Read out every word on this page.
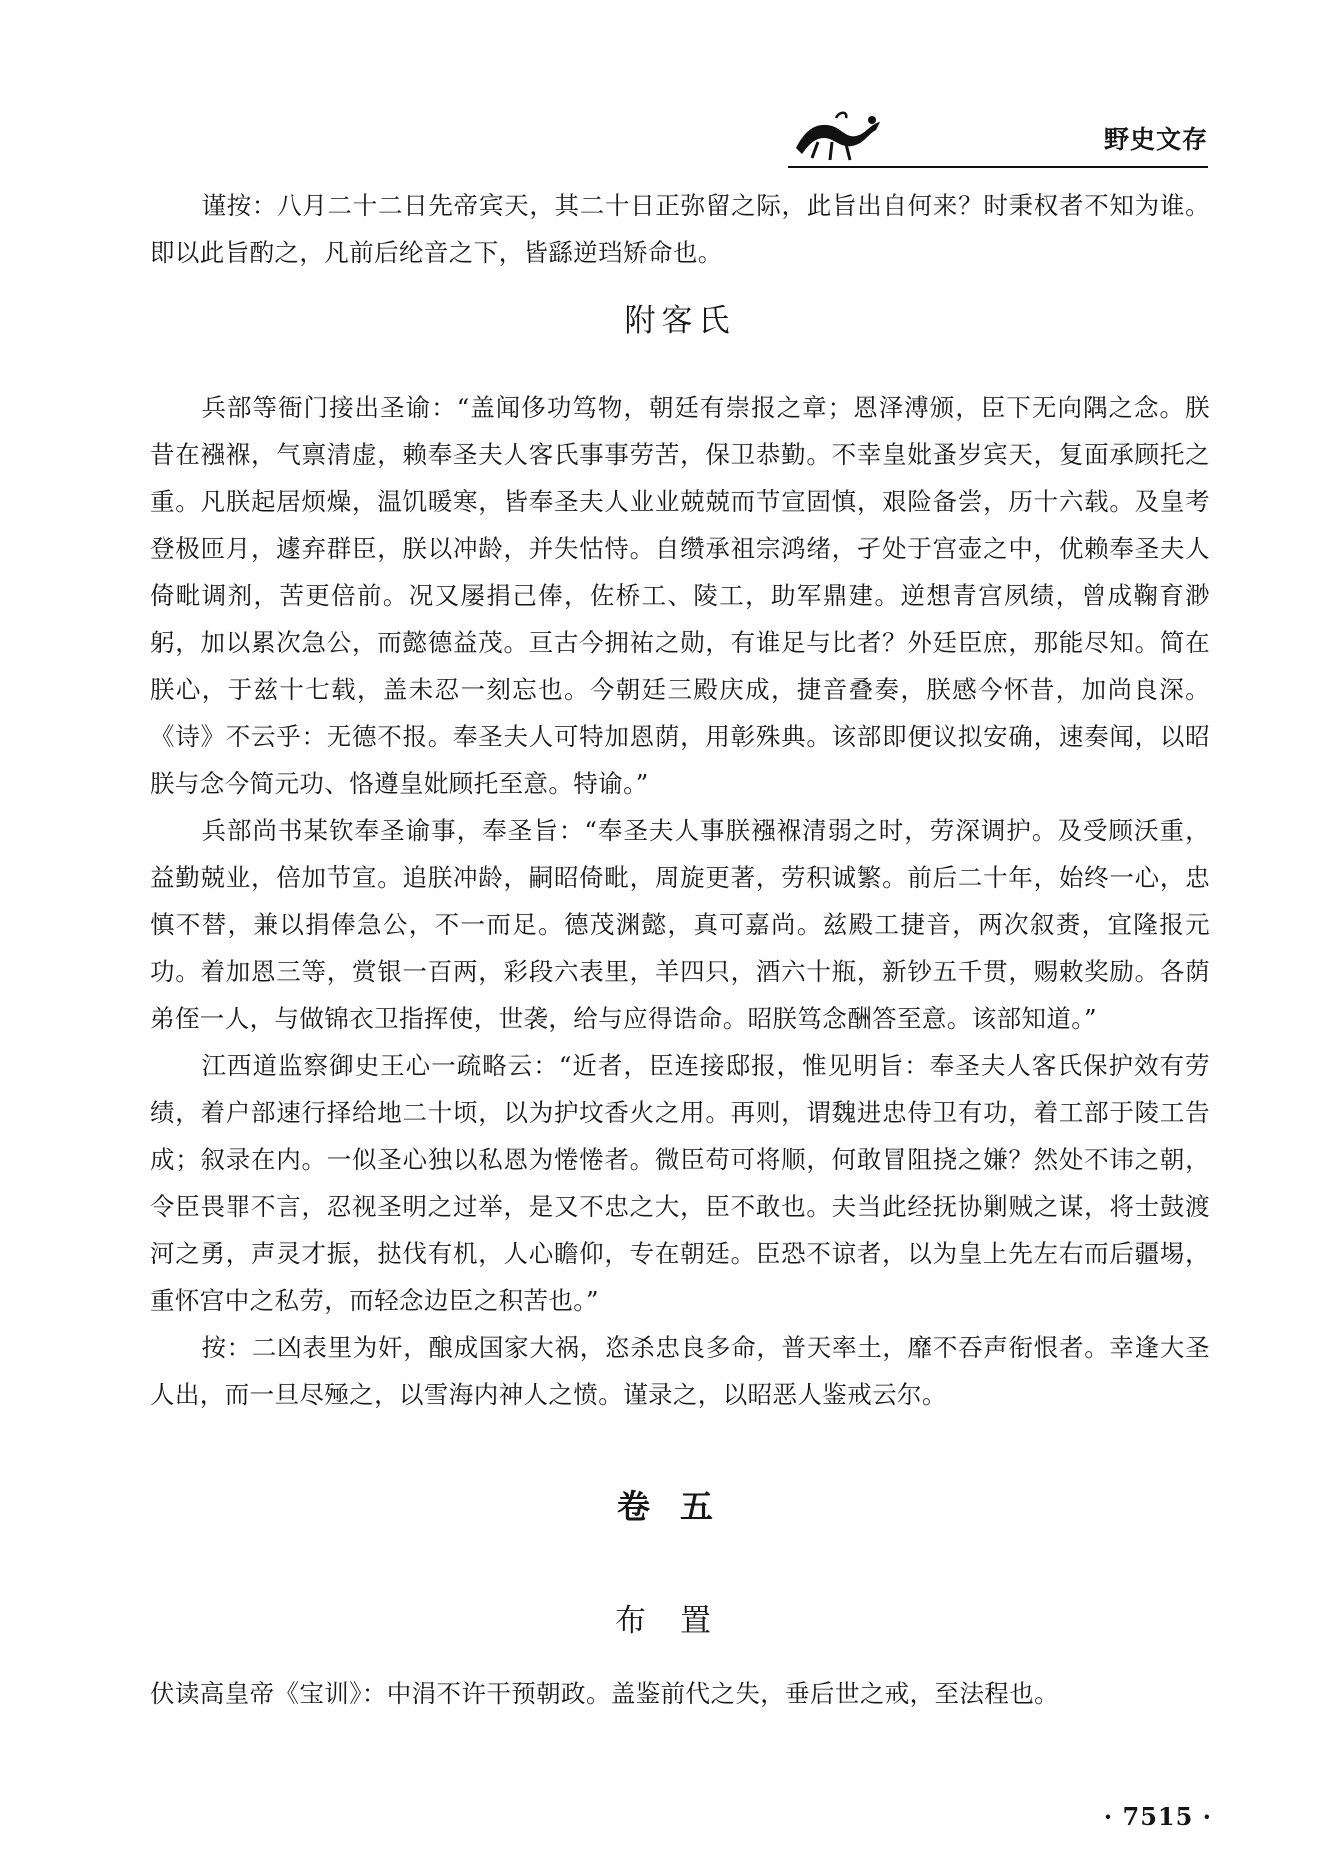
野史文存

谨按：八月二十二日先帝宾天，其二十日正弥留之际，此旨出自何来？时秉权者不知为谁。即以此旨酌之，凡前后纶音之下，皆繇逆珰矫命也。

附客氏

兵部等衙门接出圣谕：“盖闻侈功笃物，朝廷有崇报之章；恩泽溥颁，臣下无向隅之念。朕昔在襁褓，气禀清虚，赖奉圣夫人客氏事事劳苦，保卫恭勤。不幸皇妣蚤岁宾天，复面承顾托之重。凡朕起居烦燥，温饥暖寒，皆奉圣夫人业业兢兢而节宣固慎，艰险备尝，历十六载。及皇考登极匝月，遽弃群臣，朕以冲龄，并失怙恃。自缵承祖宗鸿绪，孑处于宫壶之中，优赖奉圣夫人倚毗调剂，苦更倍前。况又屡捐己俸，佐桥工、陵工，助军鼎建。逆想青宫夙绩，曾成鞠育渺躬，加以累次急公，而懿德益茂。亘古今拥祐之勋，有谁足与比者？外廷臣庶，那能尽知。简在朕心，于兹十七载，盖未忍一刻忘也。今朝廷三殿庆成，捷音叠奏，朕感今怀昔，加尚良深。《诗》不云乎：无德不报。奉圣夫人可特加恩荫，用彰殊典。该部即便议拟安确，速奏闻，以昭朕与念今简元功、恪遵皇妣顾托至意。特谕。”

兵部尚书某钦奉圣谕事，奉圣旨：“奉圣夫人事朕襁褓清弱之时，劳深调护。及受顾沃重，益勤兢业，倍加节宣。追朕冲龄，嗣昭倚毗，周旋更著，劳积诚繁。前后二十年，始终一心，忠慎不替，兼以捐俸急公，不一而足。德茂渊懿，真可嘉尚。兹殿工捷音，两次叙赉，宜隆报元功。着加恩三等，赏银一百两，彩段六表里，羊四只，酒六十瓶，新钞五千贯，赐敕奖励。各荫弟侄一人，与做锦衣卫指挥使，世袭，给与应得诰命。昭朕笃念酬答至意。该部知道。”

江西道监察御史王心一疏略云：“近者，臣连接邸报，惟见明旨：奉圣夫人客氏保护效有劳绩，着户部速行择给地二十顷，以为护坟香火之用。再则，谓魏进忠侍卫有功，着工部于陵工告成；叙录在内。一似圣心独以私恩为惓惓者。微臣苟可将顺，何敢冒阻挠之嫌？然处不讳之朝，令臣畏罪不言，忍视圣明之过举，是又不忠之大，臣不敢也。夫当此经抚协剿贼之谋，将士鼓渡河之勇，声灵才振，挞伐有机，人心瞻仰，专在朝廷。臣恐不谅者，以为皇上先左右而后疆埸，重怀宫中之私劳，而轻念边臣之积苦也。”

按：二凶表里为奸，酿成国家大祸，恣杀忠良多命，普天率土，靡不吞声衔恨者。幸逢大圣人出，而一旦尽殛之，以雪海内神人之愤。谨录之，以昭恶人鉴戒云尔。

卷五
布置

伏读高皇帝《宝训》：中涓不许干预朝政。盖鉴前代之失，垂后世之戒，至法程也。

· 7515 ·
